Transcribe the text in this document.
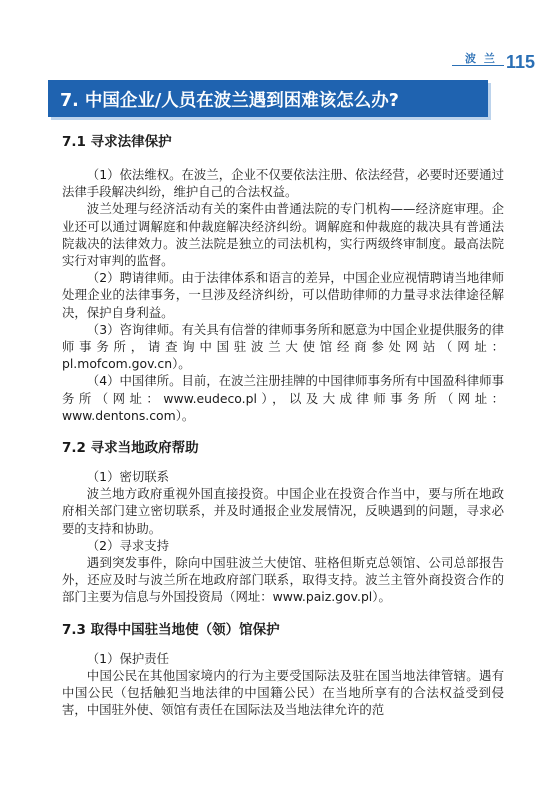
波 兰 115
7. 中国企业/人员在波兰遇到困难该怎么办?
7.1 寻求法律保护

（1）依法维权。在波兰，企业不仅要依法注册、依法经营，必要时还要通过法律手段解决纠纷，维护自己的合法权益。

波兰处理与经济活动有关的案件由普通法院的专门机构——经济庭审理。企业还可以通过调解庭和仲裁庭解决经济纠纷。调解庭和仲裁庭的裁决具有普通法院裁决的法律效力。波兰法院是独立的司法机构，实行两级终审制度。最高法院实行对审判的监督。

（2）聘请律师。由于法律体系和语言的差异，中国企业应视情聘请当地律师处理企业的法律事务，一旦涉及经济纠纷，可以借助律师的力量寻求法律途径解决，保护自身利益。

（3）咨询律师。有关具有信誉的律师事务所和愿意为中国企业提供服务的律师事务所，请查询中国驻波兰大使馆经商参处网站（网址：pl.mofcom.gov.cn）。

（4）中国律所。目前，在波兰注册挂牌的中国律师事务所有中国盈科律师事务所（网址：www.eudeco.pl），以及大成律师事务所（网址：www.dentons.com）。

7.2 寻求当地政府帮助

（1）密切联系

波兰地方政府重视外国直接投资。中国企业在投资合作当中，要与所在地政府相关部门建立密切联系，并及时通报企业发展情况，反映遇到的问题，寻求必要的支持和协助。

（2）寻求支持

遇到突发事件，除向中国驻波兰大使馆、驻格但斯克总领馆、公司总部报告外，还应及时与波兰所在地政府部门联系，取得支持。波兰主管外商投资合作的部门主要为信息与外国投资局（网址：www.paiz.gov.pl）。

7.3 取得中国驻当地使（领）馆保护

（1）保护责任

中国公民在其他国家境内的行为主要受国际法及驻在国当地法律管辖。遇有中国公民（包括触犯当地法律的中国籍公民）在当地所享有的合法权益受到侵害，中国驻外使、领馆有责任在国际法及当地法律允许的范
